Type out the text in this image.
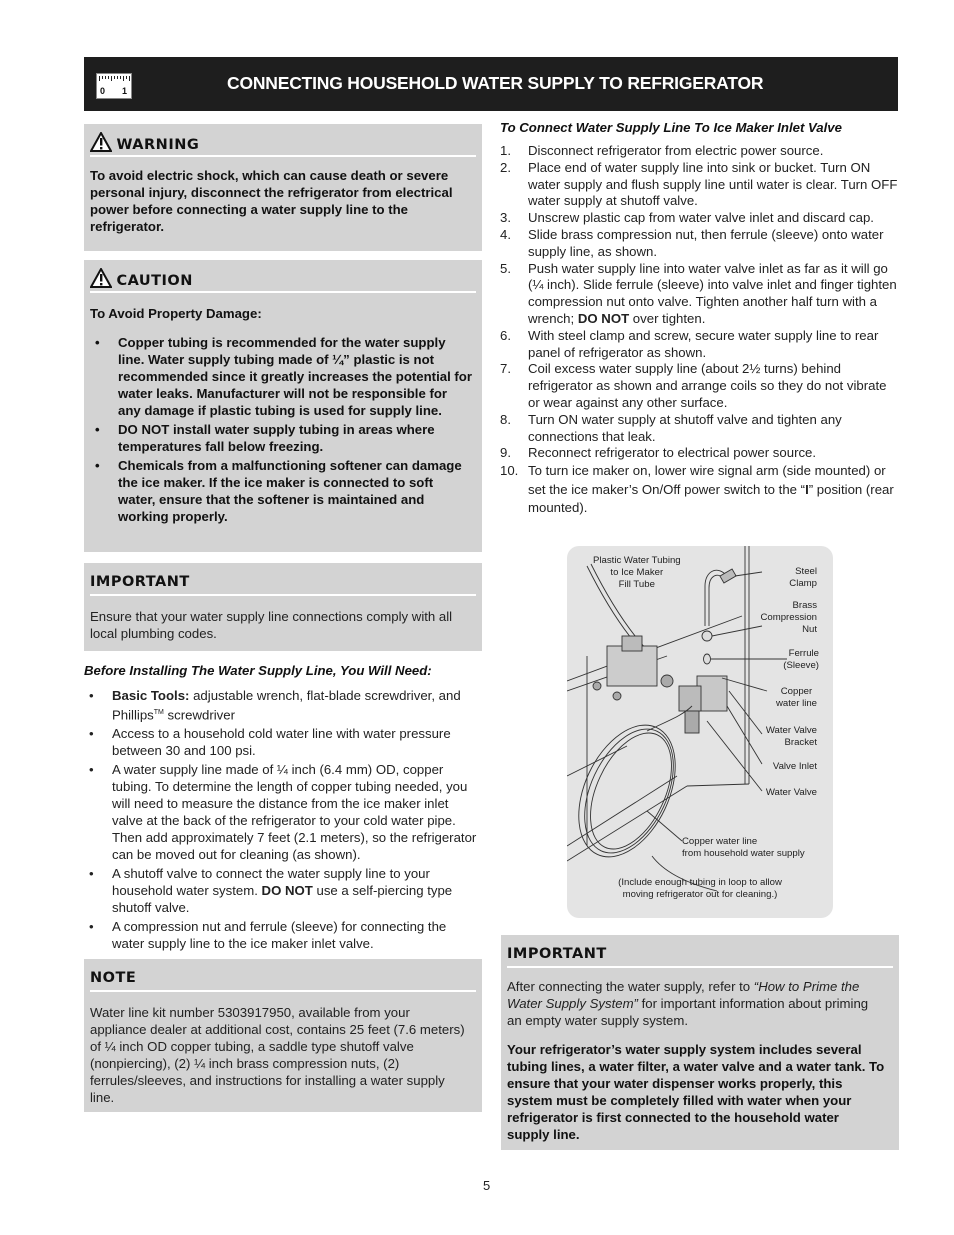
0 1	CONNECTING HOUSEHOLD WATER SUPPLY TO REFRIGERATOR
WARNING
To avoid electric shock, which can cause death or severe personal injury, disconnect the refrigerator from electrical power before connecting a water supply line to the refrigerator.
CAUTION
To Avoid Property Damage:
• Copper tubing is recommended for the water supply line. Water supply tubing made of ¼” plastic is not recommended since it greatly increases the potential for water leaks. Manufacturer will not be responsible for any damage if plastic tubing is used for supply line.
• DO NOT install water supply tubing in areas where temperatures fall below freezing.
• Chemicals from a malfunctioning softener can damage the ice maker. If the ice maker is connected to soft water, ensure that the softener is maintained and working properly.
IMPORTANT
Ensure that your water supply line connections comply with all local plumbing codes.
Before Installing The Water Supply Line, You Will Need:
• Basic Tools: adjustable wrench, flat-blade screwdriver, and Phillips™ screwdriver
• Access to a household cold water line with water pressure between 30 and 100 psi.
• A water supply line made of ¼ inch (6.4 mm) OD, copper tubing. To determine the length of copper tubing needed, you will need to measure the distance from the ice maker inlet valve at the back of the refrigerator to your cold water pipe. Then add approximately 7 feet (2.1 meters), so the refrigerator can be moved out for cleaning (as shown).
• A shutoff valve to connect the water supply line to your household water system. DO NOT use a self-piercing type shutoff valve.
• A compression nut and ferrule (sleeve) for connecting the water supply line to the ice maker inlet valve.
NOTE
Water line kit number 5303917950, available from your appliance dealer at additional cost, contains 25 feet (7.6 meters) of ¼ inch OD copper tubing, a saddle type shutoff valve (nonpiercing), (2) ¼ inch brass compression nuts, (2) ferrules/sleeves, and instructions for installing a water supply line.
To Connect Water Supply Line To Ice Maker Inlet Valve
1. Disconnect refrigerator from electric power source.
2. Place end of water supply line into sink or bucket. Turn ON water supply and flush supply line until water is clear. Turn OFF water supply at shutoff valve.
3. Unscrew plastic cap from water valve inlet and discard cap.
4. Slide brass compression nut, then ferrule (sleeve) onto water supply line, as shown.
5. Push water supply line into water valve inlet as far as it will go (¼ inch). Slide ferrule (sleeve) into valve inlet and finger tighten compression nut onto valve. Tighten another half turn with a wrench; DO NOT over tighten.
6. With steel clamp and screw, secure water supply line to rear panel of refrigerator as shown.
7. Coil excess water supply line (about 2½ turns) behind refrigerator as shown and arrange coils so they do not vibrate or wear against any other surface.
8. Turn ON water supply at shutoff valve and tighten any connections that leak.
9. Reconnect refrigerator to electrical power source.
10. To turn ice maker on, lower wire signal arm (side mounted) or set the ice maker’s On/Off power switch to the “I” position (rear mounted).
Plastic Water Tubing
to Ice Maker
Fill Tube
Steel
Clamp
Brass
Compression
Nut
Ferrule
(Sleeve)
Copper
water line
Water Valve
Bracket
Valve Inlet
Water Valve
Copper water line
from household water supply
(Include enough tubing in loop to allow
moving refrigerator out for cleaning.)
IMPORTANT
After connecting the water supply, refer to “How to Prime the Water Supply System” for important information about priming an empty water supply system.
Your refrigerator’s water supply system includes several tubing lines, a water filter, a water valve and a water tank. To ensure that your water dispenser works properly, this system must be completely filled with water when your refrigerator is first connected to the household water supply line.
5
